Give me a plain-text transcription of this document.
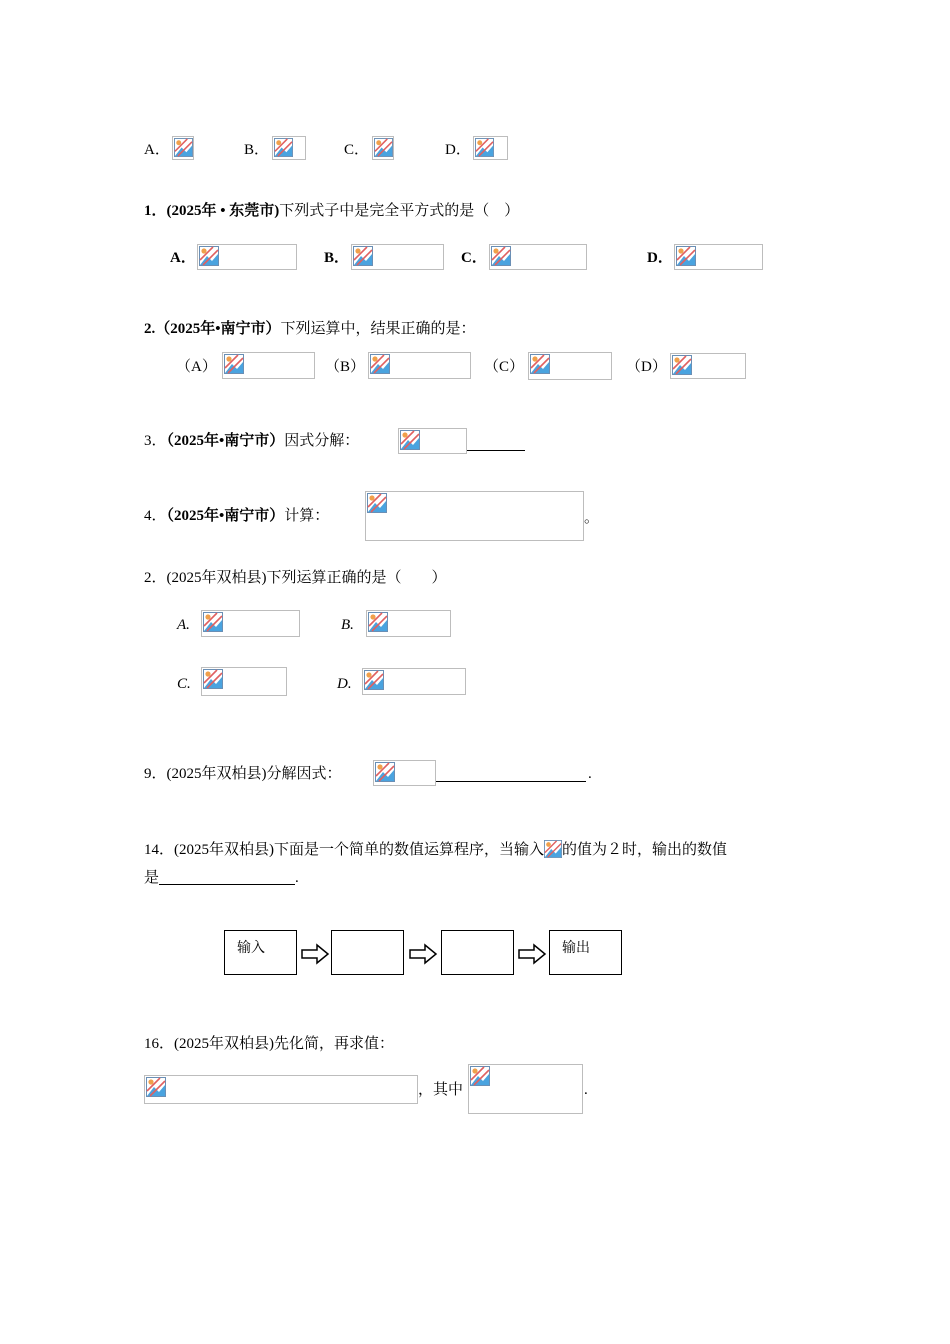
A．	B．	C．	D．
1．(2025年 • 东莞市)下列式子中是完全平方式的是（　）
A．	B．	C．	D．
2.（2025年•南宁市）下列运算中，结果正确的是：
（A）	（B）	（C）	（D）
3．（2025年•南宁市）因式分解：
4．（2025年•南宁市）计算：	。
2．(2025年双柏县)下列运算正确的是（　　）
A.	B.
C.	D.
9．(2025年双柏县)分解因式：	.
14．(2025年双柏县)下面是一个简单的数值运算程序，当输入 的值为２时，输出的数值
是	.
输入	输出
16．(2025年双柏县)先化简，再求值：
，其中	.
